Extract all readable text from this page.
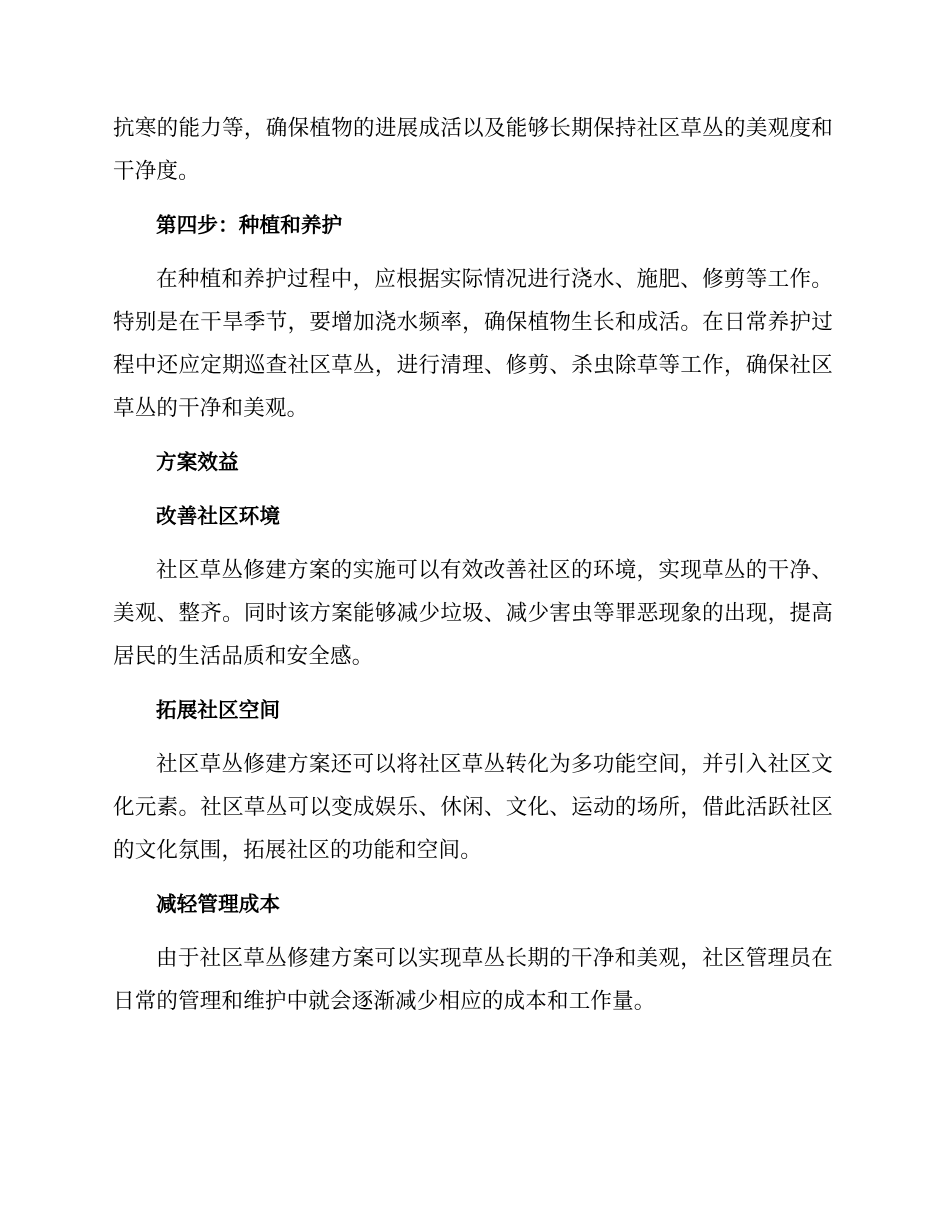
抗寒的能力等，确保植物的进展成活以及能够长期保持社区草丛的美观度和干净度。

第四步：种植和养护

在种植和养护过程中，应根据实际情况进行浇水、施肥、修剪等工作。特别是在干旱季节，要增加浇水频率，确保植物生长和成活。在日常养护过程中还应定期巡查社区草丛，进行清理、修剪、杀虫除草等工作，确保社区草丛的干净和美观。

方案效益
改善社区环境

社区草丛修建方案的实施可以有效改善社区的环境，实现草丛的干净、美观、整齐。同时该方案能够减少垃圾、减少害虫等罪恶现象的出现，提高居民的生活品质和安全感。

拓展社区空间

社区草丛修建方案还可以将社区草丛转化为多功能空间，并引入社区文化元素。社区草丛可以变成娱乐、休闲、文化、运动的场所，借此活跃社区的文化氛围，拓展社区的功能和空间。

减轻管理成本

由于社区草丛修建方案可以实现草丛长期的干净和美观，社区管理员在日常的管理和维护中就会逐渐减少相应的成本和工作量。
